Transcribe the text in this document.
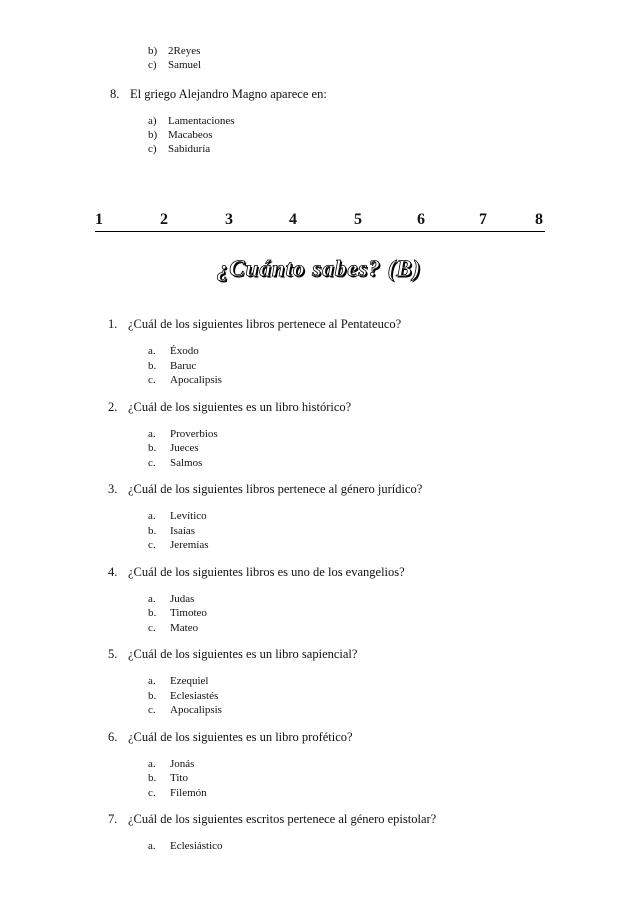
b) 2Reyes
c) Samuel
8. El griego Alejandro Magno aparece en:
a) Lamentaciones
b) Macabeos
c) Sabiduría
1	2	3	4	5	6	7	8
¿Cuánto sabes? (B)
1. ¿Cuál de los siguientes libros pertenece al Pentateuco?
a. Éxodo
b. Baruc
c. Apocalipsis
2. ¿Cuál de los siguientes es un libro histórico?
a. Proverbios
b. Jueces
c. Salmos
3. ¿Cuál de los siguientes libros pertenece al género jurídico?
a. Levítico
b. Isaías
c. Jeremías
4. ¿Cuál de los siguientes libros es uno de los evangelios?
a. Judas
b. Timoteo
c. Mateo
5. ¿Cuál de los siguientes es un libro sapiencial?
a. Ezequiel
b. Eclesiastés
c. Apocalipsis
6. ¿Cuál de los siguientes es un libro profético?
a. Jonás
b. Tito
c. Filemón
7. ¿Cuál de los siguientes escritos pertenece al género epistolar?
a. Eclesiástico
